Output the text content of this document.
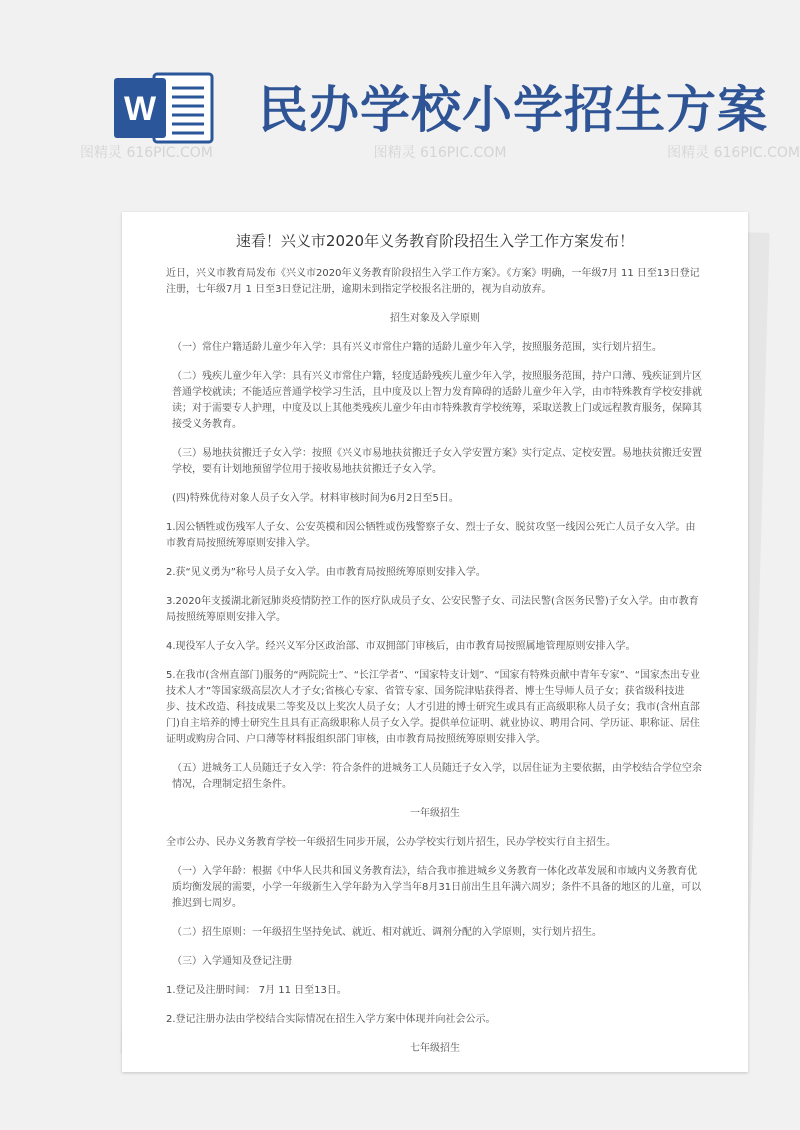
W 民办学校小学招生方案
图精灵 616PIC.COM	图精灵 616PIC.COM	图精灵 616PIC.COM
速看！兴义市2020年义务教育阶段招生入学工作方案发布！

近日，兴义市教育局发布《兴义市2020年义务教育阶段招生入学工作方案》。《方案》明确，一年级7月 11 日至13日登记注册，七年级7月 1 日至3日登记注册，逾期未到指定学校报名注册的，视为自动放弃。

招生对象及入学原则

（一）常住户籍适龄儿童少年入学：具有兴义市常住户籍的适龄儿童少年入学，按照服务范围，实行划片招生。

（二）残疾儿童少年入学：具有兴义市常住户籍，轻度适龄残疾儿童少年入学，按照服务范围，持户口薄、残疾证到片区普通学校就读；不能适应普通学校学习生活，且中度及以上智力发育障碍的适龄儿童少年入学，由市特殊教育学校安排就读；对于需要专人护理，中度及以上其他类残疾儿童少年由市特殊教育学校统筹，采取送教上门或远程教育服务，保障其接受义务教育。

（三）易地扶贫搬迁子女入学：按照《兴义市易地扶贫搬迁子女入学安置方案》实行定点、定校安置。易地扶贫搬迁安置学校，要有计划地预留学位用于接收易地扶贫搬迁子女入学。

(四)特殊优待对象人员子女入学。材料审核时间为6月2日至5日。

1.因公牺牲或伤残军人子女、公安英模和因公牺牲或伤残警察子女、烈士子女、脱贫攻坚一线因公死亡人员子女入学。由市教育局按照统筹原则安排入学。

2.获“见义勇为”称号人员子女入学。由市教育局按照统筹原则安排入学。

3.2020年支援湖北新冠肺炎疫情防控工作的医疗队成员子女、公安民警子女、司法民警(含医务民警)子女入学。由市教育局按照统筹原则安排入学。

4.现役军人子女入学。经兴义军分区政治部、市双拥部门审核后，由市教育局按照属地管理原则安排入学。

5.在我市(含州直部门)服务的“两院院士”、“长江学者”、“国家特支计划”、“国家有特殊贡献中青年专家”、“国家杰出专业技术人才”等国家级高层次人才子女;省核心专家、省管专家、国务院津贴获得者、博士生导师人员子女；获省级科技进步、技术改造、科技成果二等奖及以上奖次人员子女；人才引进的博士研究生或具有正高级职称人员子女；我市(含州直部门)自主培养的博士研究生且具有正高级职称人员子女入学。提供单位证明、就业协议、聘用合同、学历证、职称证、居住证明或购房合同、户口薄等材料报组织部门审核，由市教育局按照统筹原则安排入学。

（五）进城务工人员随迁子女入学：符合条件的进城务工人员随迁子女入学，以居住证为主要依据，由学校结合学位空余情况，合理制定招生条件。

一年级招生

全市公办、民办义务教育学校一年级招生同步开展，公办学校实行划片招生，民办学校实行自主招生。

（一）入学年龄：根据《中华人民共和国义务教育法》，结合我市推进城乡义务教育一体化改革发展和市域内义务教育优质均衡发展的需要，小学一年级新生入学年龄为入学当年8月31日前出生且年满六周岁；条件不具备的地区的儿童，可以推迟到七周岁。

（二）招生原则：一年级招生坚持免试、就近、相对就近、调剂分配的入学原则，实行划片招生。

（三）入学通知及登记注册

1.登记及注册时间： 7月 11 日至13日。

2.登记注册办法由学校结合实际情况在招生入学方案中体现并向社会公示。

七年级招生
